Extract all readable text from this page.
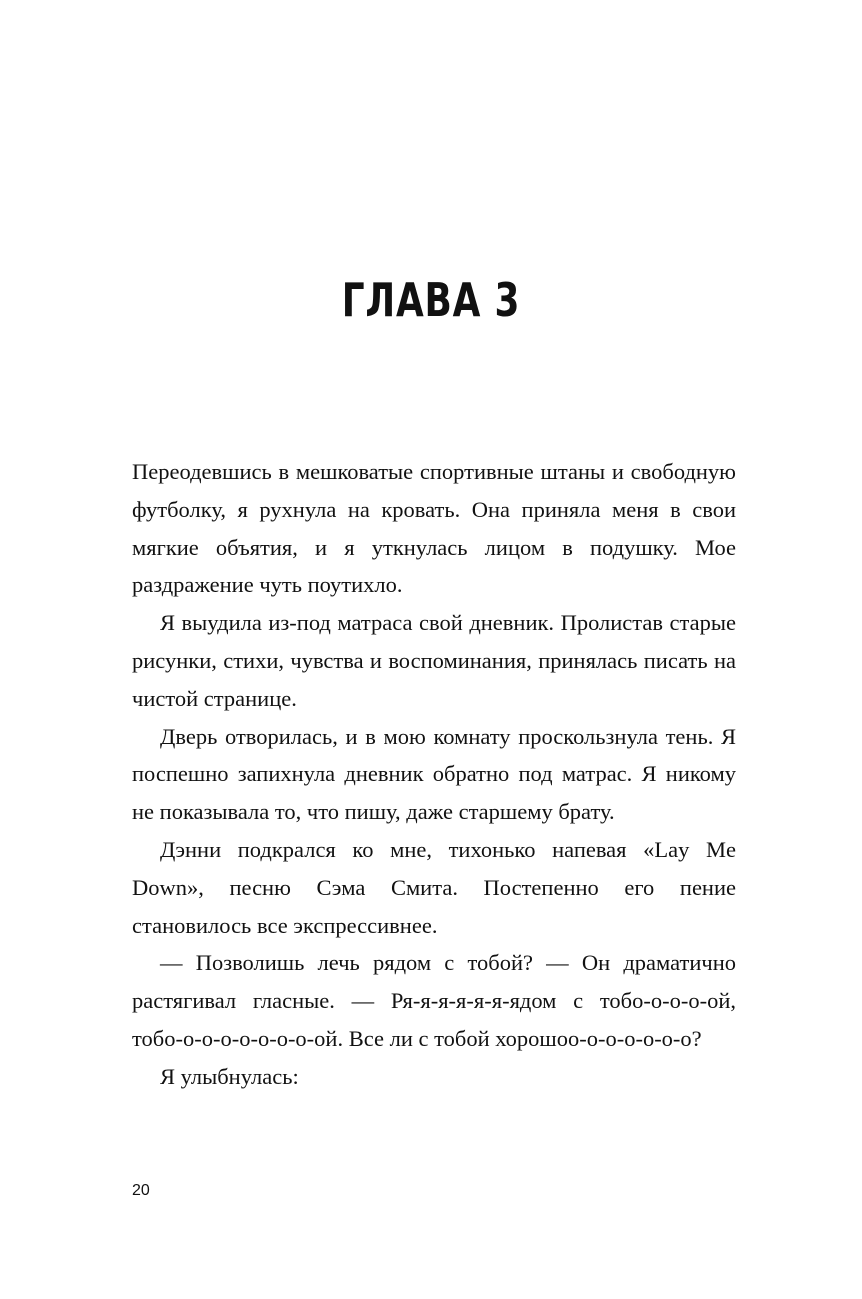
ГЛАВА 3

Переодевшись в мешковатые спортивные штаны и свободную футболку, я рухнула на кровать. Она приняла меня в свои мягкие объятия, и я уткнулась лицом в подушку. Мое раздражение чуть поутихло.

Я выудила из-под матраса свой дневник. Пролистав старые рисунки, стихи, чувства и воспоминания, принялась писать на чистой странице.

Дверь отворилась, и в мою комнату проскользнула тень. Я поспешно запихнула дневник обратно под матрас. Я никому не показывала то, что пишу, даже старшему брату.

Дэнни подкрался ко мне, тихонько напевая «Lay Me Down», песню Сэма Смита. Постепенно его пение становилось все экспрессивнее.

— Позволишь лечь рядом с тобой? — Он драматично растягивал гласные. — Ря-я-я-я-я-я-ядом с тобо-о-о-о-ой, тобо-о-о-о-о-о-о-о-ой. Все ли с тобой хорошоо-о-о-о-о-о-о?

Я улыбнулась:

20
